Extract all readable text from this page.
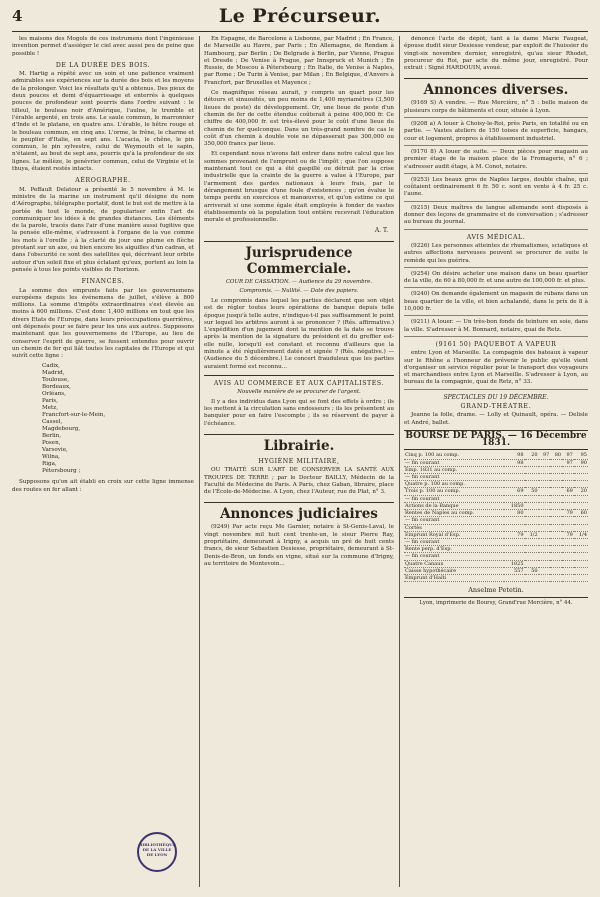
4	Le Précurseur.

les maisons des Mogols de ces instrumens dont l'ingénieuse invention permet d'assiéger le ciel avec aussi peu de peine que possible !

DE LA DURÉE DES BOIS.

M. Hartig a répété avec un soin et une patience vraiment admirables ses expériences sur la durée des bois et les moyens de la prolonger. Voici les résultats qu'il a obtenus. Des pieux de deux pouces et demi d'équarrissage et enterrés à quelques pouces de profondeur sont pourris dans l'ordre suivant : le tilleul, le bouleau noir d'Amérique, l'aulne, le tremble et l'érable argenté, en trois ans. Le saule commun, le marronnier d'Inde et le platane, en quatre ans. L'érable, le hêtre rouge et le bouleau commun, en cinq ans. L'orme, le frêne, le charme et le peuplier d'Italie, en sept ans. L'acacia, le chêne, le pin commun, le pin sylvestre, celui de Weymouth et le sapin, n'étaient, au bout de sept ans, pourris qu'à la profondeur de six lignes. Le mélèze, le genévrier commun, celui de Virginie et le thuya, étaient restés intacts.

AÉROGRAPHE.

M. Peffault Delatour a présenté le 5 novembre à M. le ministre de la marine un instrument qu'il désigne du nom d'Aérographe, télégraphe portatif, dont le but est de mettre à la portée de tout le monde, de populariser enfin l'art de communiquer les idées à de grandes distances. Les éléments de la parole, tracés dans l'air d'une manière aussi fugitive que la pensée elle-même, s'adressent à l'organe de la vue comme les mots à l'oreille ; à la clarté du jour une plume en flèche pivotant sur un axe, ou bien encore les aiguilles d'un cadran, et dans l'obscurité ce sont des satellites qui, décrivant leur orbite autour d'un soleil fixe et plus éclatant qu'eux, portent au loin la pensée à tous les points visibles de l'horizon.

FINANCES.

La somme des emprunts faits par les gouvernemens européens depuis les événemens de juillet, s'élève à 800 millions. La somme d'impôts extraordinaires s'est élevée au moins à 600 millions. C'est donc 1,400 millions en tout que les divers Etats de l'Europe, dans leurs préoccupations guerrières, ont dépensés pour se faire peur les uns aux autres. Supposons maintenant que les gouvernemens de l'Europe, au lieu de conserver l'esprit de guerre, se fussent entendus pour ouvrir un chemin de fer qui liât toutes les capitales de l'Europe et qui suivît cette ligne :

Cadix,
Madrid,
Toulouse,
Bordeaux,
Orléans,
Paris,
Metz,
Francfort-sur-le-Mein,
Cassel,
Magdebourg,
Berlin,
Posen,
Varsovie,
Wilna,
Riga,
Pétersbourg ;

Supposons qu'on ait établi en croix sur cette ligne immense des routes en fer allant :

BIBLIOTHÈQUE DE LA VILLE DE LYON

En Espagne, de Barcelone à Lisbonne, par Madrid ; En France, de Marseille au Havre, par Paris ; En Allemagne, de Rendam à Hambourg, par Berlin ; De Belgrade à Berlin, par Vienne, Prague et Dresde ; De Venise à Prague, par Innspruck et Munich ; En Russie, de Moscou à Pétersbourg ; En Italie, de Venise à Naples, par Rome ; De Turin à Venise, par Milan ; En Belgique, d'Anvers à Francfort, par Bruxelles et Mayence ;

Ce magnifique réseau aurait, y compris un quart pour les détours et sinuosités, un peu moins de 1,400 myriamètres (3,500 lieues de poste) de développement. Or, une lieue de poste d'un chemin de fer de cette étendue coûterait à peine 400,000 fr. Ce chiffre de 400,000 fr. est très-élevé pour le coût d'une lieue du chemin de fer quelconque. Dans un très-grand nombre de cas le coût d'un chemin à double voie ne dépasserait pas 300,000 ou 350,000 francs par lieue.

Et cependant nous n'avons fait entrer dans notre calcul que les sommes provenant de l'emprunt ou de l'impôt ; que l'on suppose maintenant tout ce qui a été gaspillé ou détruit par la crise industrielle que la crainte de la guerre a value à l'Europe, par l'armement des gardes nationaux à leurs frais, par le dérangement brusque d'une foule d'existences ; qu'on évalue le temps perdu en exercices et manœuvres, et qu'on estime ce qui arriverait si une somme égale était employée à fonder de vastes établissements où la population tout entière recevrait l'éducation morale et professionnelle.

A. T.
Jurisprudence Commerciale.
COUR DE CASSATION. — Audience du 29 novembre.
Compromis. — Nullité. — Date des papiers.

Le compromis dans lequel les parties déclarent que son objet est de régler toutes leurs opérations de banque depuis telle époque jusqu'à telle autre, n'indique-t-il pas suffisamment le point sur lequel les arbitres auront à se prononcer ? (Rés. affirmative.) L'expédition d'un jugement dont la mention de la date se trouve après la mention de la signature du président et du greffier est-elle nulle, lorsqu'il est constant et reconnu d'ailleurs que la minute a été régulièrement datée et signée ? (Rés. négative.) — (Audience du 5 décembre.) Le concert frauduleux que les parties auraient formé est reconnu...

AVIS AU COMMERCE ET AUX CAPITALISTES.
Nouvelle manière de se procurer de l'argent.

Il y a des individus dans Lyon qui se font des effets à ordre ; ils les mettent à la circulation sans endosseurs ; ils les présentent au banquier pour en faire l'escompte ; ils se réservent de payer à l'échéance.

Librairie.
HYGIÈNE MILITAIRE,

OU TRAITÉ SUR L'ART DE CONSERVER LA SANTÉ AUX TROUPES DE TERRE ; par le Docteur BAILLY, Médecin de la Faculté de Médecine de Paris. A Paris, chez Gaban, libraire, place de l'École-de-Médecine. A Lyon, chez l'Auteur, rue du Plat, n° 3.

Annonces judiciaires

(9249) Par acte reçu Me Garnier, notaire à St-Genis-Laval, le vingt novembre mil huit cent trente-un, le sieur Pierre Ray, propriétaire, demeurant à Irigny, a acquis un pré de huit cents francs, de sieur Sebastien Desiesse, propriétaire, demeurant à St-Denis-de-Bron, un fonds en vigne, situé sur la commune d'Irigny, au territoire de Montevoin...

dénoncé l'acte de dépôt, tant à la dame Marie Faugeat, épouse dudit sieur Desiesse vendeur, par exploit de l'huissier du vingt-six novembre dernier, enregistré, qu'au sieur Rhodet, procureur du Roi, par acte du même jour, enregistré. Pour extrait : Signé HARDOUIN, avoué.

Annonces diverses.

(9169 S) A vendre. — Rue Mercière, n° 5 : belle maison de plusieurs corps de bâtiments et cour, située à Lyon.

(9208 a) A louer à Choisy-le-Roi, près Paris, en totalité ou en partie. — Vastes ateliers de 150 toises de superficie, hangars, cour et logement, propres à établissement industriel.

(9170 8) A louer de suite. — Deux pièces pour magasin au premier étage de la maison place de la Fromagerie, n° 6 ; s'adresser audit étage, à M. Conot, notaire.

(9253) Les beaux gros de Naples larges, double chaîne, qui coûtaient ordinairement 6 fr. 50 c. sont en vente à 4 fr. 25 c. l'aune.

(9215) Deux maîtres de langue allemande sont disposés à donner des leçons de grammaire et de conversation ; s'adresser au bureau du journal.

AVIS MÉDICAL.

(9226) Les personnes atteintes de rhumatismes, sciatiques et autres affections nerveuses peuvent se procurer de suite le remède qui les guérira.

(9254) On désire acheter une maison dans un beau quartier de la ville, de 60 à 80,000 fr. et une autre de 100,000 fr. et plus.

(9240) On demande également un magasin de rubans dans un beau quartier de la ville, et bien achalandé, dans le prix de 8 à 10,000 fr.

(9211) A louer. — Un très-bon fonds de teinture en soie, dans la ville. S'adresser à M. Bonnard, notaire, quai de Retz.

(9161 50) PAQUEBOT A VAPEUR

entre Lyon et Marseille. La compagnie des bateaux à vapeur sur le Rhône a l'honneur de prévenir le public qu'elle vient d'organiser un service régulier pour le transport des voyageurs et marchandises entre Lyon et Marseille. S'adresser à Lyon, au bureau de la compagnie, quai de Retz, n° 33.

SPECTACLES DU 19 DÉCEMBRE.
GRAND-THÉATRE.

Jeanne la folle, drame. — Lolly et Quinault, opéra. — Delisle et André, ballet.

BOURSE DE PARIS. — 16 Décembre 1831.
Cinq p. 100 au comp.	98	20	97	80	97	95
— fin courant	98				97	90
Emp. 1831 au comp.						
— fin courant						
Quatre p. 100 au comp.						
Trois p. 100 au comp.	69	50			69	20
— fin courant						
Actions de la Banque	1850					
Rentes de Naples au comp.	80				79	60
— fin courant						
Cortès						
Emprunt Royal d'Esp.	79	1/2			79	1/4
— fin courant						
Rente perp. d'Esp.						
— fin courant						
Quatre Canaux	1025					
Caisse hypothécaire	557	50				
Emprunt d'Haïti						
Anselme Petetin.
Lyon, imprimerie de Boursy, Grand'rue Mercière, n° 44.
